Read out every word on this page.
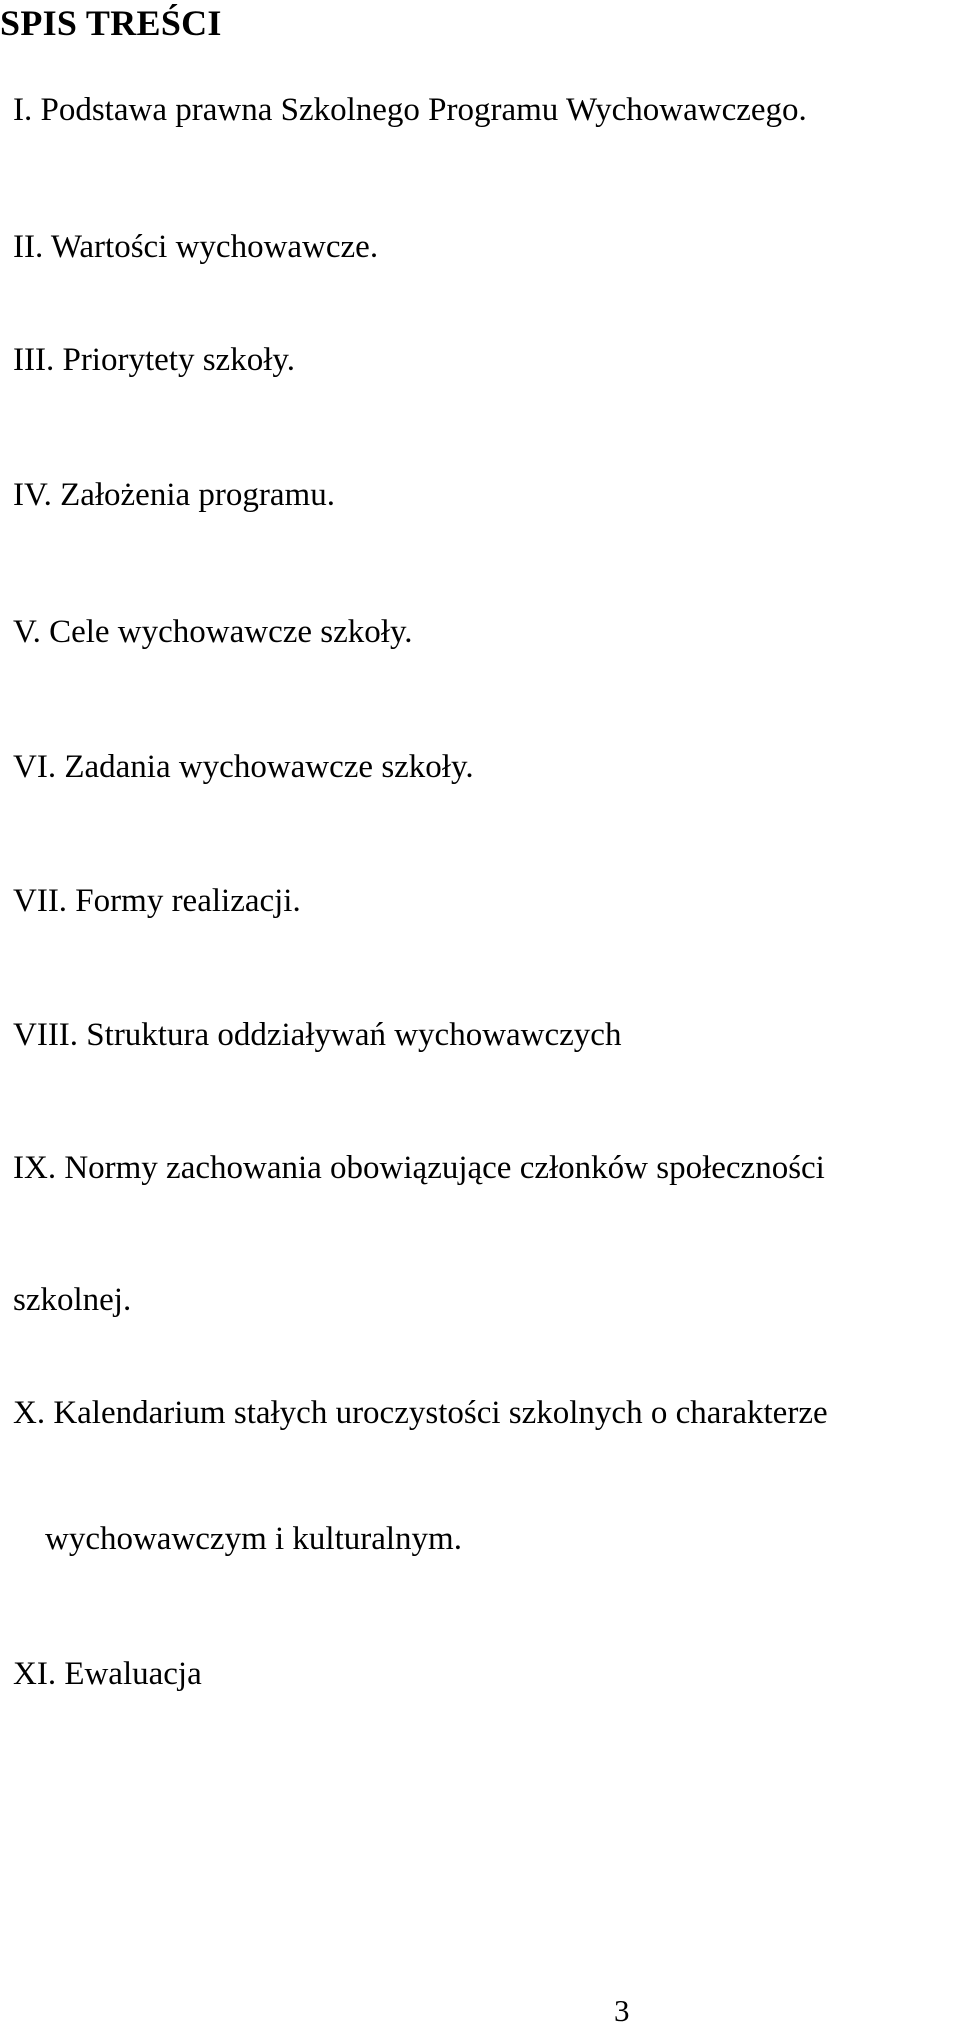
SPIS TREŚCI
I. Podstawa prawna Szkolnego Programu Wychowawczego.
II. Wartości wychowawcze.
III. Priorytety szkoły.
IV. Założenia programu.
V. Cele wychowawcze szkoły.
VI. Zadania wychowawcze szkoły.
VII. Formy realizacji.
VIII. Struktura oddziaływań wychowawczych
IX. Normy zachowania obowiązujące członków społeczności
szkolnej.
X. Kalendarium stałych uroczystości szkolnych o charakterze
wychowawczym i kulturalnym.
XI. Ewaluacja
3
